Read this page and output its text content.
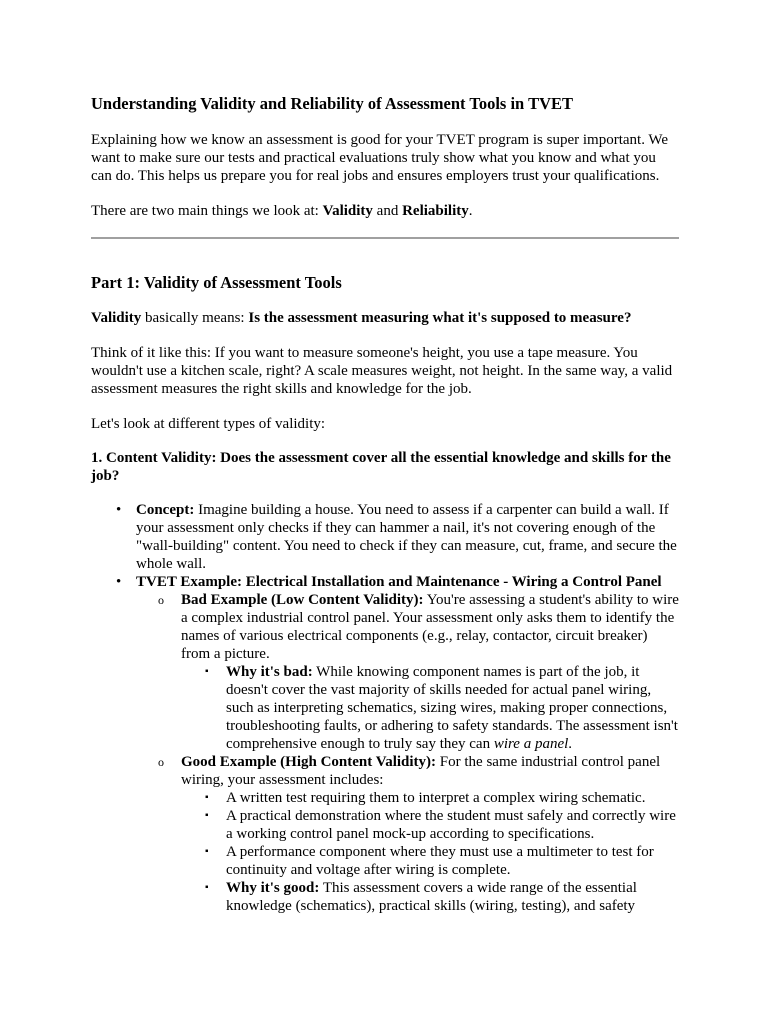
Understanding Validity and Reliability of Assessment Tools in TVET

Explaining how we know an assessment is good for your TVET program is super important. We want to make sure our tests and practical evaluations truly show what you know and what you can do. This helps us prepare you for real jobs and ensures employers trust your qualifications.

There are two main things we look at: Validity and Reliability.

Part 1: Validity of Assessment Tools

Validity basically means: Is the assessment measuring what it's supposed to measure?

Think of it like this: If you want to measure someone's height, you use a tape measure. You wouldn't use a kitchen scale, right? A scale measures weight, not height. In the same way, a valid assessment measures the right skills and knowledge for the job.

Let's look at different types of validity:

1. Content Validity: Does the assessment cover all the essential knowledge and skills for the job?

• Concept: Imagine building a house. You need to assess if a carpenter can build a wall. If your assessment only checks if they can hammer a nail, it's not covering enough of the "wall-building" content. You need to check if they can measure, cut, frame, and secure the whole wall.
• TVET Example: Electrical Installation and Maintenance - Wiring a Control Panel
o Bad Example (Low Content Validity): You're assessing a student's ability to wire a complex industrial control panel. Your assessment only asks them to identify the names of various electrical components (e.g., relay, contactor, circuit breaker) from a picture.
▪ Why it's bad: While knowing component names is part of the job, it doesn't cover the vast majority of skills needed for actual panel wiring, such as interpreting schematics, sizing wires, making proper connections, troubleshooting faults, or adhering to safety standards. The assessment isn't comprehensive enough to truly say they can wire a panel.
o Good Example (High Content Validity): For the same industrial control panel wiring, your assessment includes:
▪ A written test requiring them to interpret a complex wiring schematic.
▪ A practical demonstration where the student must safely and correctly wire a working control panel mock-up according to specifications.
▪ A performance component where they must use a multimeter to test for continuity and voltage after wiring is complete.
▪ Why it's good: This assessment covers a wide range of the essential knowledge (schematics), practical skills (wiring, testing), and safety
